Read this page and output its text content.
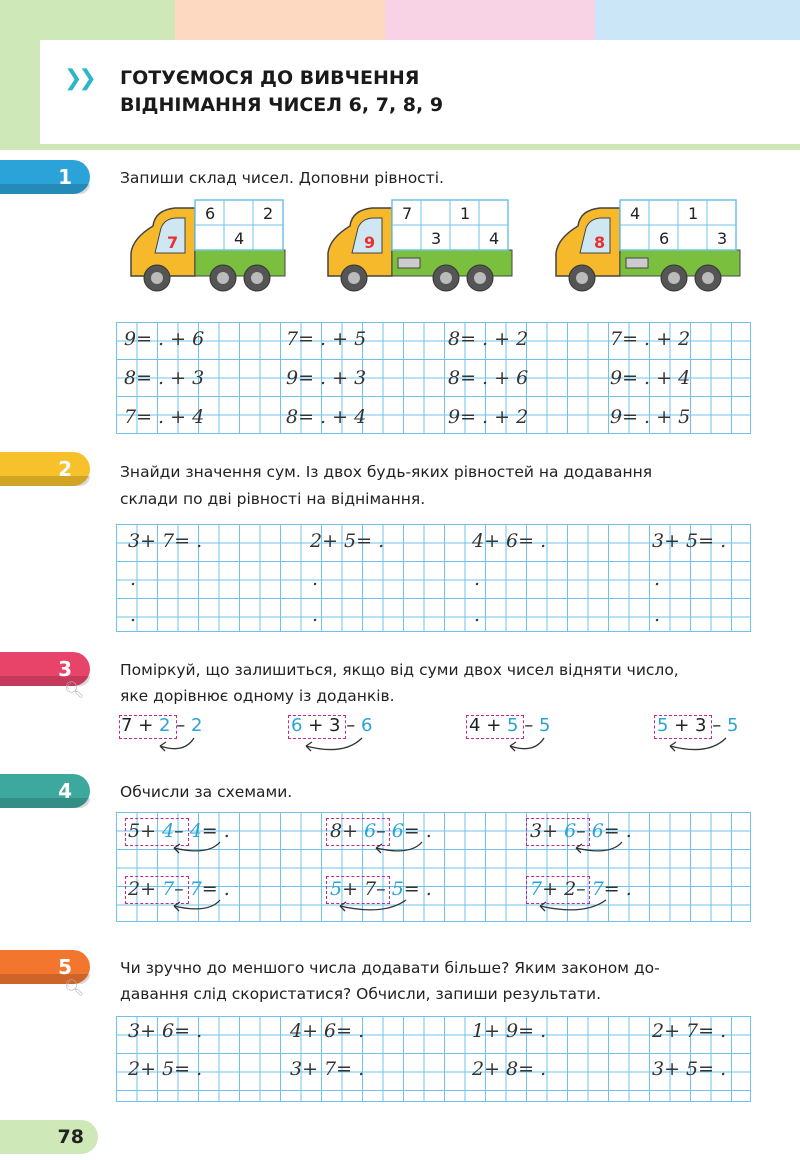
❯❯ ГОТУЄМОСЯ ДО ВИВЧЕННЯ
ВІДНІМАННЯ ЧИСЕЛ 6, 7, 8, 9
1	Запиши склад чисел. Доповни рівності.
7
6	2
4	9
7	1
3	4	8
4	1
6	3
9= . + 6	7= . + 5	8= . + 2	7= . + 2
8= . + 3	9= . + 3	8= . + 6	9= . + 4
7= . + 4	8= . + 4	9= . + 2	9= . + 5
2	Знайди значення сум. Із двох будь-яких рівностей на додавання
склади по дві рівності на віднімання.
3+ 7= .	2+ 5= .	4+ 6= .	3+ 5= .
.	.	.	.
.	.	.	.
3
🔍︎
Поміркуй, що залишиться, якщо від суми двох чисел відняти число,
яке дорівнює одному із доданків.
7 + 2 – 2	6 + 3 – 6	4 + 5 – 5	5 + 3 – 5
4	Обчисли за схемами.
5+ 4– 4= .	8+ 6– 6= .	3+ 6– 6= .
2+ 7– 7= .	5+ 7– 5= .	7+ 2– 7= .
5
🔍︎
Чи зручно до меншого числа додавати більше? Яким законом до-
давання слід скористатися? Обчисли, запиши результати.
3+ 6= .	4+ 6= .	1+ 9= .	2+ 7= .
2+ 5= .	3+ 7= .	2+ 8= .	3+ 5= .
78
